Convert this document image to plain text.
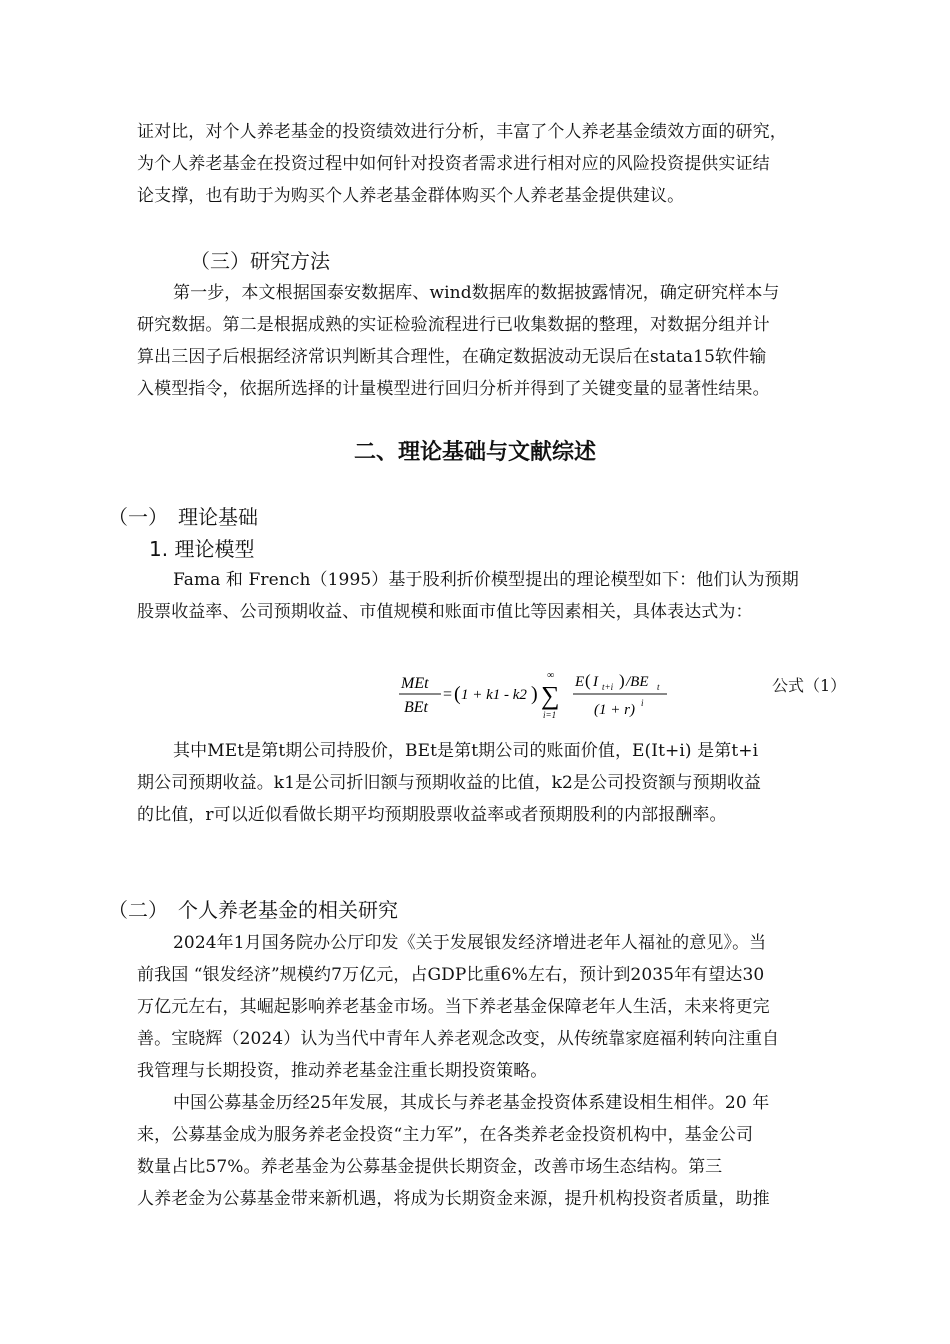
证对比，对个人养老基金的投资绩效进行分析，丰富了个人养老基金绩效方面的研究，
为个人养老基金在投资过程中如何针对投资者需求进行相对应的风险投资提供实证结
论支撑，也有助于为购买个人养老基金群体购买个人养老基金提供建议。
（三）研究方法
第一步，本文根据国泰安数据库、wind数据库的数据披露情况，确定研究样本与
研究数据。第二是根据成熟的实证检验流程进行已收集数据的整理，对数据分组并计
算出三因子后根据经济常识判断其合理性，在确定数据波动无误后在stata15软件输
入模型指令，依据所选择的计量模型进行回归分析并得到了关键变量的显著性结果。
二、理论基础与文献综述
（一）　理论基础
1. 理论模型
Fama 和 French（1995）基于股利折价模型提出的理论模型如下：他们认为预期
股票收益率、公司预期收益、市值规模和账面市值比等因素相关，具体表达式为：
MEt
BEt
= ( 1 + k1 - k2 )
∞
∑
i=1
E ( I t+i ) /BE t
(1 + r) i
公式（1）
其中MEt是第t期公司持股价，BEt是第t期公司的账面价值，E(It+i) 是第t+i
期公司预期收益。k1是公司折旧额与预期收益的比值，k2是公司投资额与预期收益
的比值，r可以近似看做长期平均预期股票收益率或者预期股利的内部报酬率。
（二）　个人养老基金的相关研究
2024年1月国务院办公厅印发《关于发展银发经济增进老年人福祉的意见》。当
前我国 “银发经济”规模约7万亿元，占GDP比重6%左右，预计到2035年有望达30
万亿元左右，其崛起影响养老基金市场。当下养老基金保障老年人生活，未来将更完
善。宝晓辉（2024）认为当代中青年人养老观念改变，从传统靠家庭福利转向注重自
我管理与长期投资，推动养老基金注重长期投资策略。
中国公募基金历经25年发展，其成长与养老基金投资体系建设相生相伴。20 年
来，公募基金成为服务养老金投资“主力军”，在各类养老金投资机构中，基金公司
数量占比57%。养老基金为公募基金提供长期资金，改善市场生态结构。第三
人养老金为公募基金带来新机遇，将成为长期资金来源，提升机构投资者质量，助推
